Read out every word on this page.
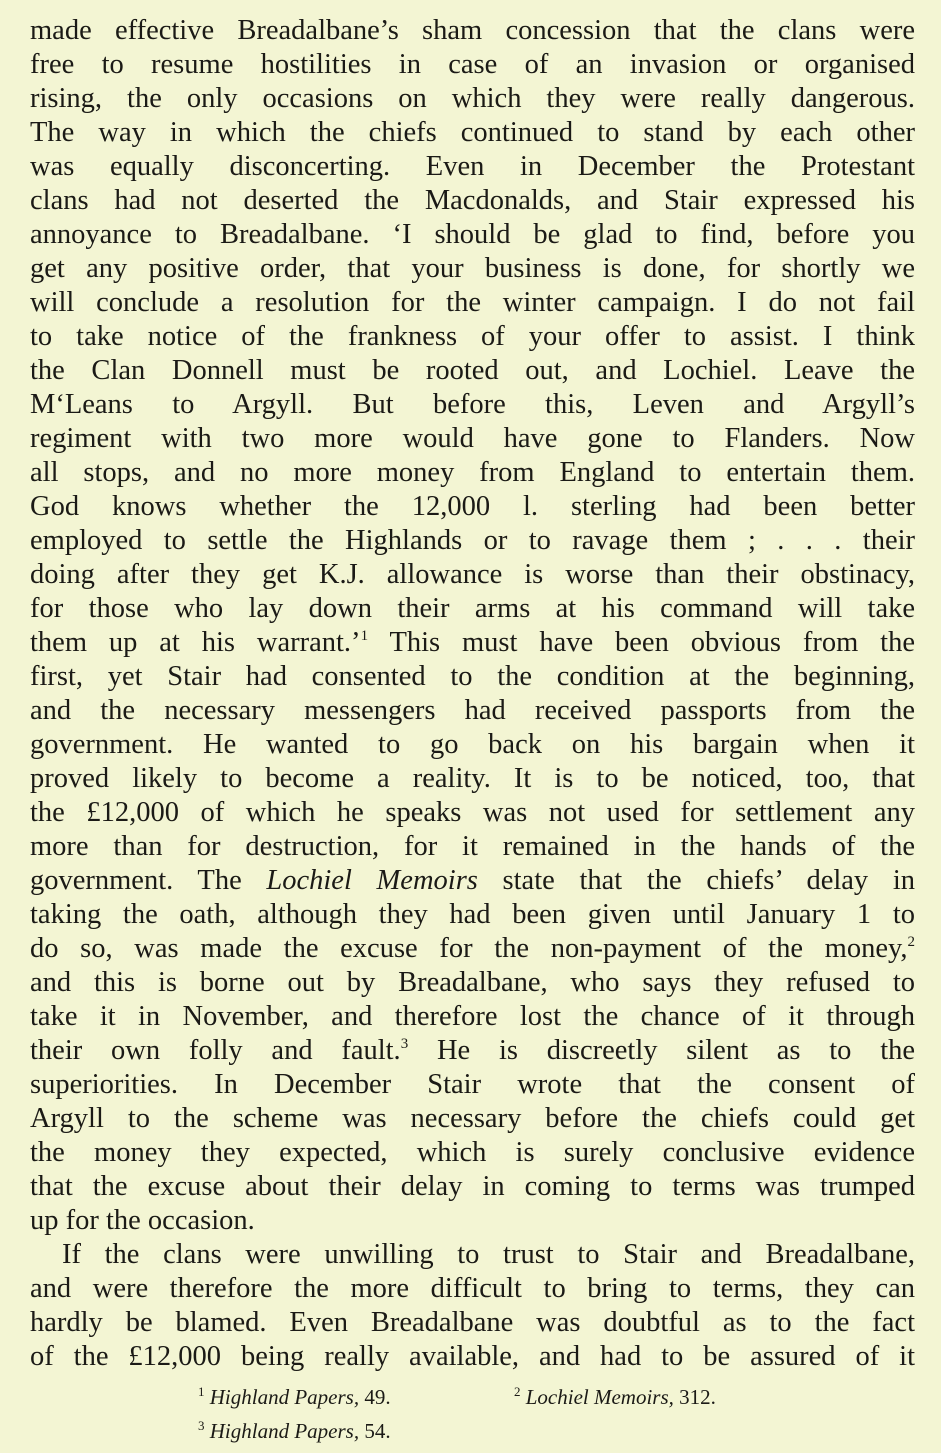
made effective Breadalbane’s sham concession that the clans were
free to resume hostilities in case of an invasion or organised
rising, the only occasions on which they were really dangerous.
The way in which the chiefs continued to stand by each other
was equally disconcerting. Even in December the Protestant
clans had not deserted the Macdonalds, and Stair expressed his
annoyance to Breadalbane. ‘I should be glad to find, before you
get any positive order, that your business is done, for shortly we
will conclude a resolution for the winter campaign. I do not fail
to take notice of the frankness of your offer to assist. I think
the Clan Donnell must be rooted out, and Lochiel. Leave the
M‘Leans to Argyll. But before this, Leven and Argyll’s
regiment with two more would have gone to Flanders. Now
all stops, and no more money from England to entertain them.
God knows whether the 12,000 l. sterling had been better
employed to settle the Highlands or to ravage them ; . . . their
doing after they get K.J. allowance is worse than their obstinacy,
for those who lay down their arms at his command will take
them up at his warrant.’$^1$ This must have been obvious from the
first, yet Stair had consented to the condition at the beginning,
and the necessary messengers had received passports from the
government. He wanted to go back on his bargain when it
proved likely to become a reality. It is to be noticed, too, that
the £12,000 of which he speaks was not used for settlement any
more than for destruction, for it remained in the hands of the
government. The Lochiel Memoirs state that the chiefs’ delay in
taking the oath, although they had been given until January 1 to
do so, was made the excuse for the non-payment of the money,$^2$
and this is borne out by Breadalbane, who says they refused to
take it in November, and therefore lost the chance of it through
their own folly and fault.$^3$ He is discreetly silent as to the
superiorities. In December Stair wrote that the consent of
Argyll to the scheme was necessary before the chiefs could get
the money they expected, which is surely conclusive evidence
that the excuse about their delay in coming to terms was trumped
up for the occasion.
If the clans were unwilling to trust to Stair and Breadalbane,
and were therefore the more difficult to bring to terms, they can
hardly be blamed. Even Breadalbane was doubtful as to the fact
of the £12,000 being really available, and had to be assured of it
$^1$ Highland Papers, 49.	$^2$ Lochiel Memoirs, 312.
$^3$ Highland Papers, 54.
